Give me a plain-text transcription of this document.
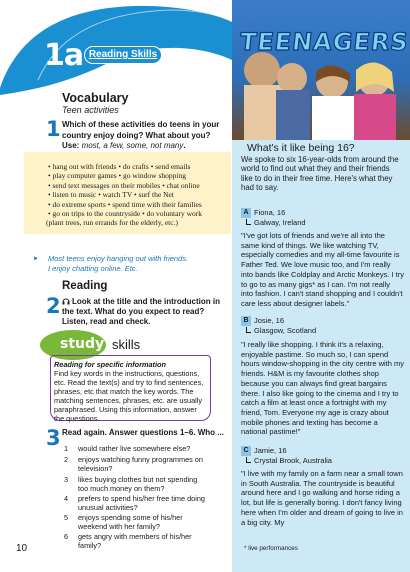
1a Reading Skills
Vocabulary
Teen activities
1 Which of these activities do teens in your country enjoy doing? What about you? Use: most, a few, some, not many.
• hang out with friends • do crafts • send emails
• play computer games • go window shopping
• send text messages on their mobiles • chat online
• listen to music • watch TV • surf the Net
• do extreme sports • spend time with their families
• go on trips to the countryside • do voluntary work
(plant trees, run errands for the elderly, etc.)
► Most teens enjoy hanging out with friends.
I enjoy chatting online. Etc.
Reading
2	Look at the title and the introduction in the text. What do you expect to read? Listen, read and check.
study skills
Reading for specific information
Find key words in the instructions, questions, etc. Read the text(s) and try to find sentences, phrases, etc that match the key words. The matching sentences, phrases, etc. are usually paraphrased. Using this information, answer the questions.
3 Read again. Answer questions 1–6. Who ...
1 would rather live somewhere else?
2 enjoys watching funny programmes on television?
3 likes buying clothes but not spending too much money on them?
4 prefers to spend his/her free time doing unusual activities?
5 enjoys spending some of his/her weekend with her family?
6 gets angry with members of his/her family?
10
TEENAGERS
What's it like being 16?
We spoke to six 16-year-olds from around the world to find out what they and their friends like to do in their free time. Here's what they had to say.
A Fiona, 16
Galway, Ireland
"I've got lots of friends and we're all into the same kind of things. We like watching TV, especially comedies and my all-time favourite is Father Ted. We love music too, and I'm really into bands like Coldplay and Arctic Monkeys. I try to go to as many gigs* as I can. I'm not really into fashion. I can't stand shopping and I couldn't care less about designer labels."
B Josie, 16
Glasgow, Scotland
"I really like shopping. I think it's a relaxing, enjoyable pastime. So much so, I can spend hours window-shopping in the city centre with my friends. H&M is my favourite clothes shop because you can always find great bargains there. I also like going to the cinema and I try to catch a film at least once a fortnight with my friend, Tom. Everyone my age is crazy about mobile phones and texting has become a national pastime!"
C Jamie, 16
Crystal Brook, Australia
"I live with my family on a farm near a small town in South Australia. The countryside is beautiful around here and I go walking and horse riding a lot, but life is generally boring. I don't fancy living here when I'm older and dream of going to live in a big city. My
* live performances
